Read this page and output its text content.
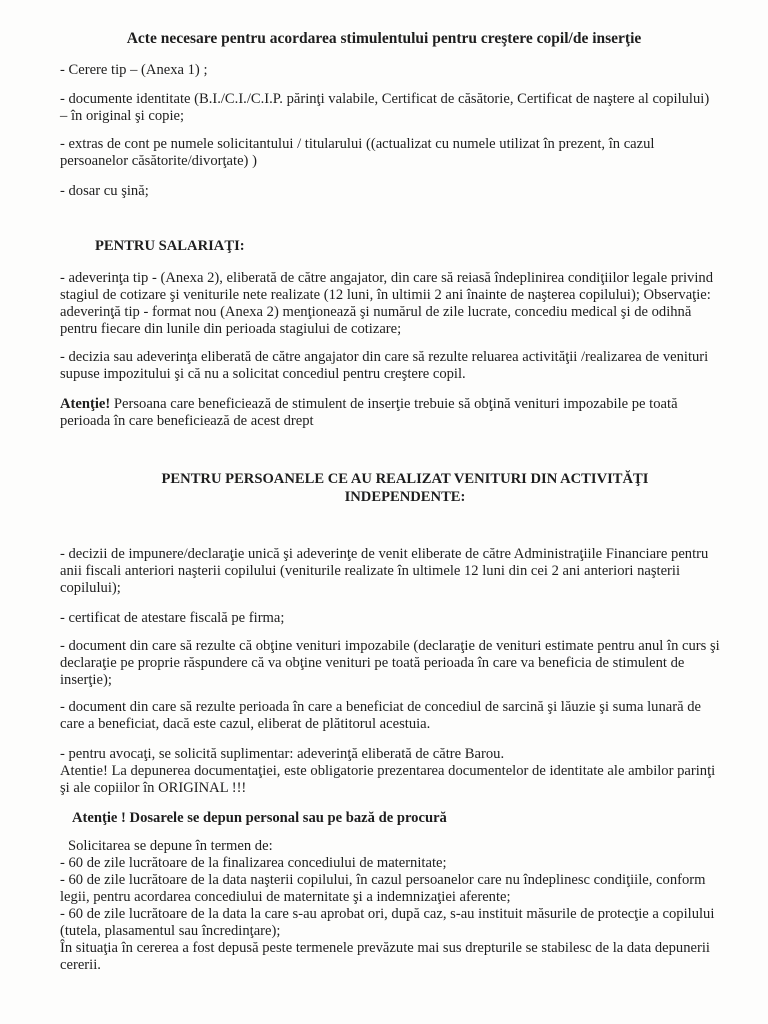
Acte necesare pentru acordarea stimulentului pentru creştere copil/de inserţie

- Cerere tip – (Anexa 1) ;

- documente identitate (B.I./C.I./C.I.P. părinţi valabile, Certificat de căsătorie, Certificat de naştere al copilului) – în original şi copie;

- extras de cont pe numele solicitantului / titularului ((actualizat cu numele utilizat în prezent, în cazul persoanelor căsătorite/divorţate) )

- dosar cu şină;

PENTRU SALARIAŢI:

- adeverinţa tip - (Anexa 2), eliberată de către angajator, din care să reiasă îndeplinirea condiţiilor legale privind stagiul de cotizare şi veniturile nete realizate (12 luni, în ultimii 2 ani înainte de naşterea copilului); Observaţie: adeverinţă tip - format nou (Anexa 2) menţionează şi numărul de zile lucrate, concediu medical şi de odihnă pentru fiecare din lunile din perioada stagiului de cotizare;

- decizia sau adeverinţa eliberată de către angajator din care să rezulte reluarea activităţii /realizarea de venituri supuse impozitului şi că nu a solicitat concediul pentru creştere copil.

Atenţie! Persoana care beneficiează de stimulent de inserţie trebuie să obţină venituri impozabile pe toată perioada în care beneficiează de acest drept

PENTRU PERSOANELE CE AU REALIZAT VENITURI DIN ACTIVITĂŢI
INDEPENDENTE:

- decizii de impunere/declaraţie unică şi adeverinţe de venit eliberate de către Administraţiile Financiare pentru anii fiscali anteriori naşterii copilului (veniturile realizate în ultimele 12 luni din cei 2 ani anteriori naşterii copilului);

- certificat de atestare fiscală pe firma;

- document din care să rezulte că obţine venituri impozabile (declaraţie de venituri estimate pentru anul în curs şi declaraţie pe proprie răspundere că va obţine venituri pe toată perioada în care va beneficia de stimulent de inserţie);

- document din care să rezulte perioada în care a beneficiat de concediul de sarcină şi lăuzie şi suma lunară de care a beneficiat, dacă este cazul, eliberat de plătitorul acestuia.

- pentru avocaţi, se solicită suplimentar: adeverinţă eliberată de către Barou.

Atentie! La depunerea documentaţiei, este obligatorie prezentarea documentelor de identitate ale ambilor parinţi şi ale copiilor în ORIGINAL !!!

Atenţie ! Dosarele se depun personal sau pe bază de procură

Solicitarea se depune în termen de:

- 60 de zile lucrătoare de la finalizarea concediului de maternitate;

- 60 de zile lucrătoare de la data naşterii copilului, în cazul persoanelor care nu îndeplinesc condiţiile, conform legii, pentru acordarea concediului de maternitate şi a indemnizaţiei aferente;

- 60 de zile lucrătoare de la data la care s-au aprobat ori, după caz, s-au instituit măsurile de protecţie a copilului (tutela, plasamentul sau încredinţare);

În situaţia în cererea a fost depusă peste termenele prevăzute mai sus drepturile se stabilesc de la data depunerii cererii.
